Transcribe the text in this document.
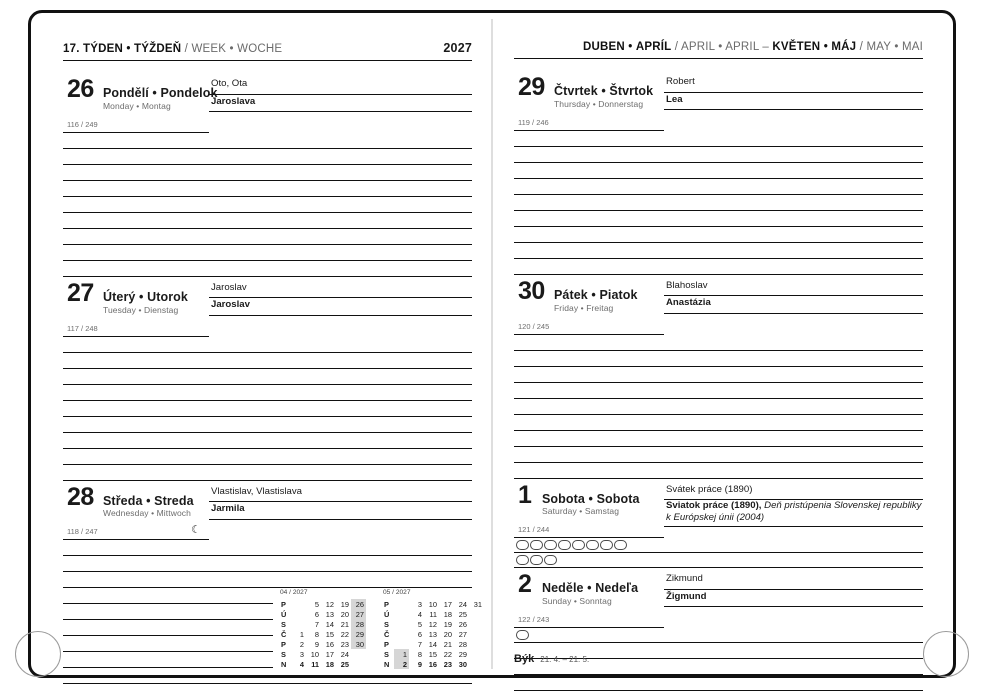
17. TÝDEN • TÝŽDEŇ / WEEK • WOCHE	2027
26 Pondělí • Pondelok
Monday • Montag
116 / 249
Oto, Ota
Jaroslava
27 Úterý • Utorok
Tuesday • Dienstag
117 / 248
Jaroslav
Jaroslav
28 Středa • Streda
Wednesday • Mittwoch
118 / 247	☾
Vlastislav, Vlastislava
Jarmila
04 / 2027
P		5	12	19	26
Ú		6	13	20	27
S		7	14	21	28
Č	1	8	15	22	29
P	2	9	16	23	30
S	3	10	17	24	
N	4	11	18	25	
05 / 2027
P		3	10	17	24	31
Ú		4	11	18	25	
S		5	12	19	26	
Č		6	13	20	27	
P		7	14	21	28	
S	1	8	15	22	29	
N	2	9	16	23	30	
DUBEN • APRÍL / APRIL • APRIL – KVĚTEN • MÁJ / MAY • MAI
29 Čtvrtek • Štvrtok
Thursday • Donnerstag
119 / 246
Robert
Lea
30 Pátek • Piatok
Friday • Freitag
120 / 245
Blahoslav
Anastázia
1 Sobota • Sobota
Saturday • Samstag
121 / 244
Svátek práce (1890)
Sviatok práce (1890), Deň pristúpenia Slovenskej republiky k Európskej únii (2004)
2 Neděle • Nedeľa
Sunday • Sonntag
122 / 243
Zikmund
Žigmund
Býk 21. 4. – 21. 5.
